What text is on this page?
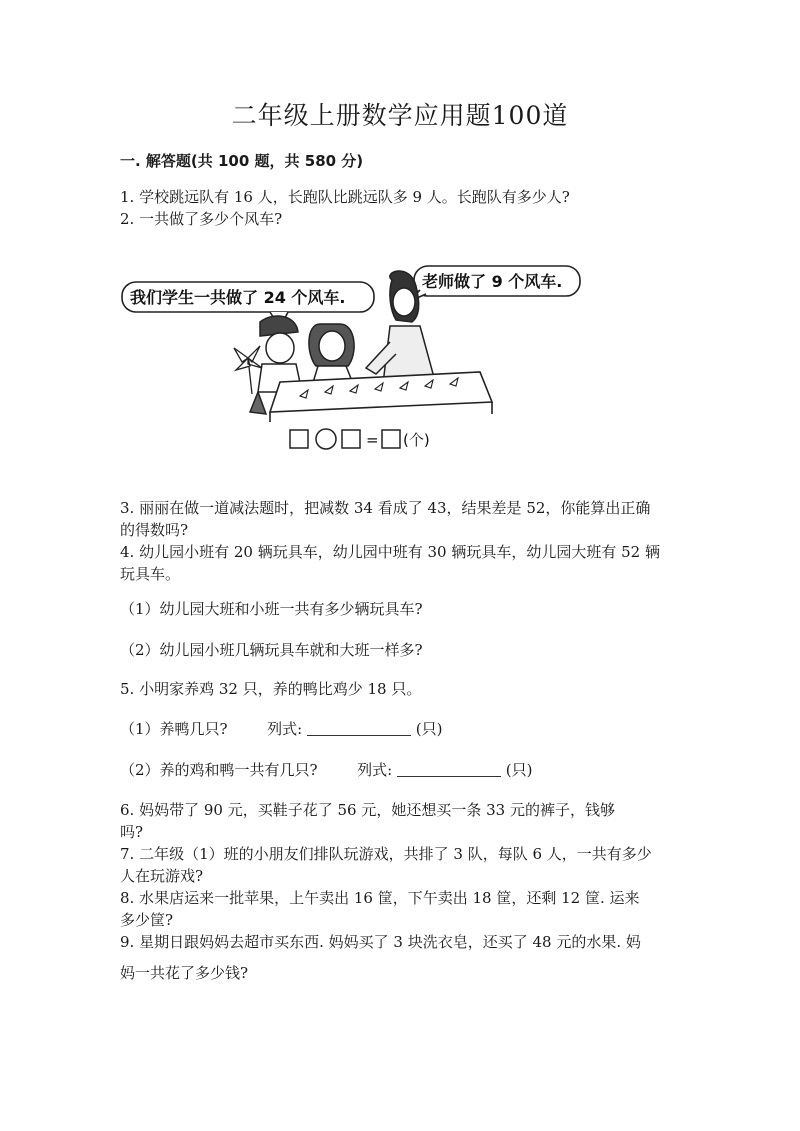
二年级上册数学应用题100道
一. 解答题(共 100 题，共 580 分)
1. 学校跳远队有 16 人，长跑队比跳远队多 9 人。长跑队有多少人?
2. 一共做了多少个风车?
我们学生一共做了 24 个风车.
老师做了 9 个风车.
= (个)
3. 丽丽在做一道减法题时，把减数 34 看成了 43，结果差是 52，你能算出正确
的得数吗?
4. 幼儿园小班有 20 辆玩具车，幼儿园中班有 30 辆玩具车，幼儿园大班有 52 辆
玩具车。
（1）幼儿园大班和小班一共有多少辆玩具车?
（2）幼儿园小班几辆玩具车就和大班一样多?
5. 小明家养鸡 32 只，养的鸭比鸡少 18 只。
（1）养鸭几只?	列式:	(只)
（2）养的鸡和鸭一共有几只?	列式:	(只)
6. 妈妈带了 90 元，买鞋子花了 56 元，她还想买一条 33 元的裤子，钱够
吗?
7. 二年级（1）班的小朋友们排队玩游戏，共排了 3 队，每队 6 人，一共有多少
人在玩游戏?
8. 水果店运来一批苹果，上午卖出 16 筐，下午卖出 18 筐，还剩 12 筐. 运来
多少筐?
9. 星期日跟妈妈去超市买东西. 妈妈买了 3 块洗衣皂，还买了 48 元的水果. 妈
妈一共花了多少钱?
